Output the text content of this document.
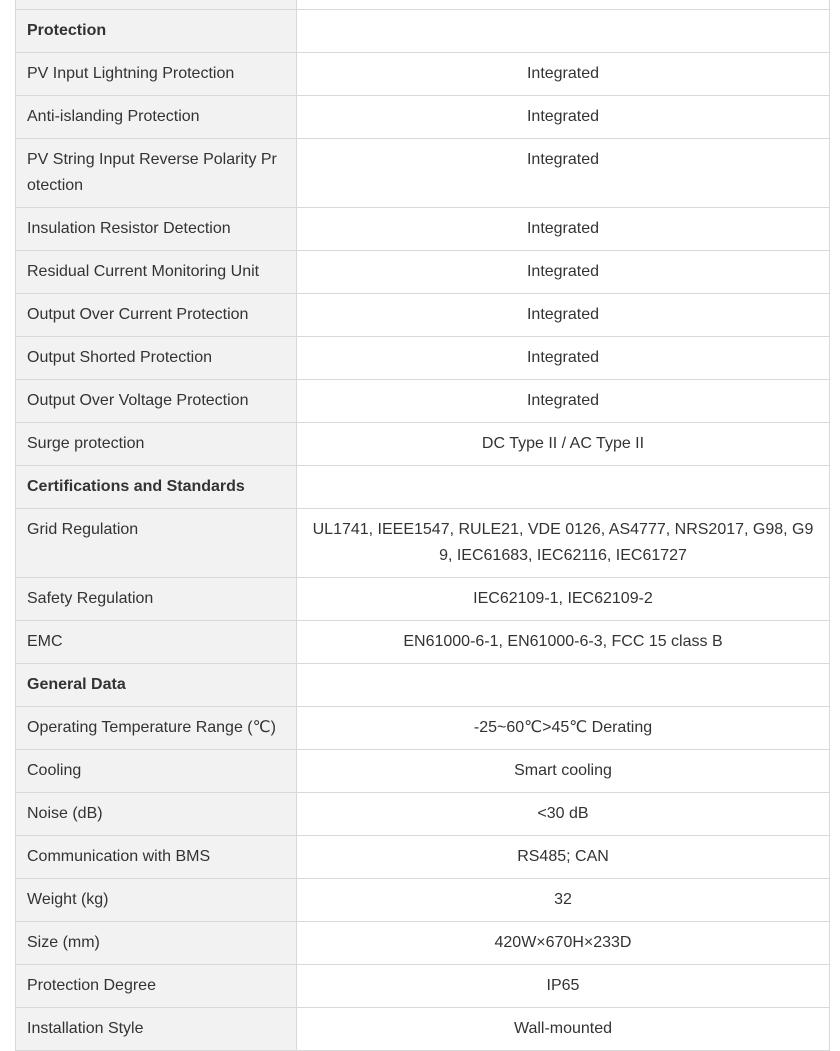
Protection	
PV Input Lightning Protection	Integrated
Anti-islanding Protection	Integrated
PV String Input Reverse Polarity Protection	Integrated
Insulation Resistor Detection	Integrated
Residual Current Monitoring Unit	Integrated
Output Over Current Protection	Integrated
Output Shorted Protection	Integrated
Output Over Voltage Protection	Integrated
Surge protection	DC Type II / AC Type II
Certifications and Standards	
Grid Regulation	UL1741, IEEE1547, RULE21, VDE 0126, AS4777, NRS2017, G98, G99, IEC61683, IEC62116, IEC61727
Safety Regulation	IEC62109-1, IEC62109-2
EMC	EN61000-6-1, EN61000-6-3, FCC 15 class B
General Data	
Operating Temperature Range (℃)	-25~60℃>45℃ Derating
Cooling	Smart cooling
Noise (dB)	<30 dB
Communication with BMS	RS485; CAN
Weight (kg)	32
Size (mm)	420W×670H×233D
Protection Degree	IP65
Installation Style	Wall-mounted
